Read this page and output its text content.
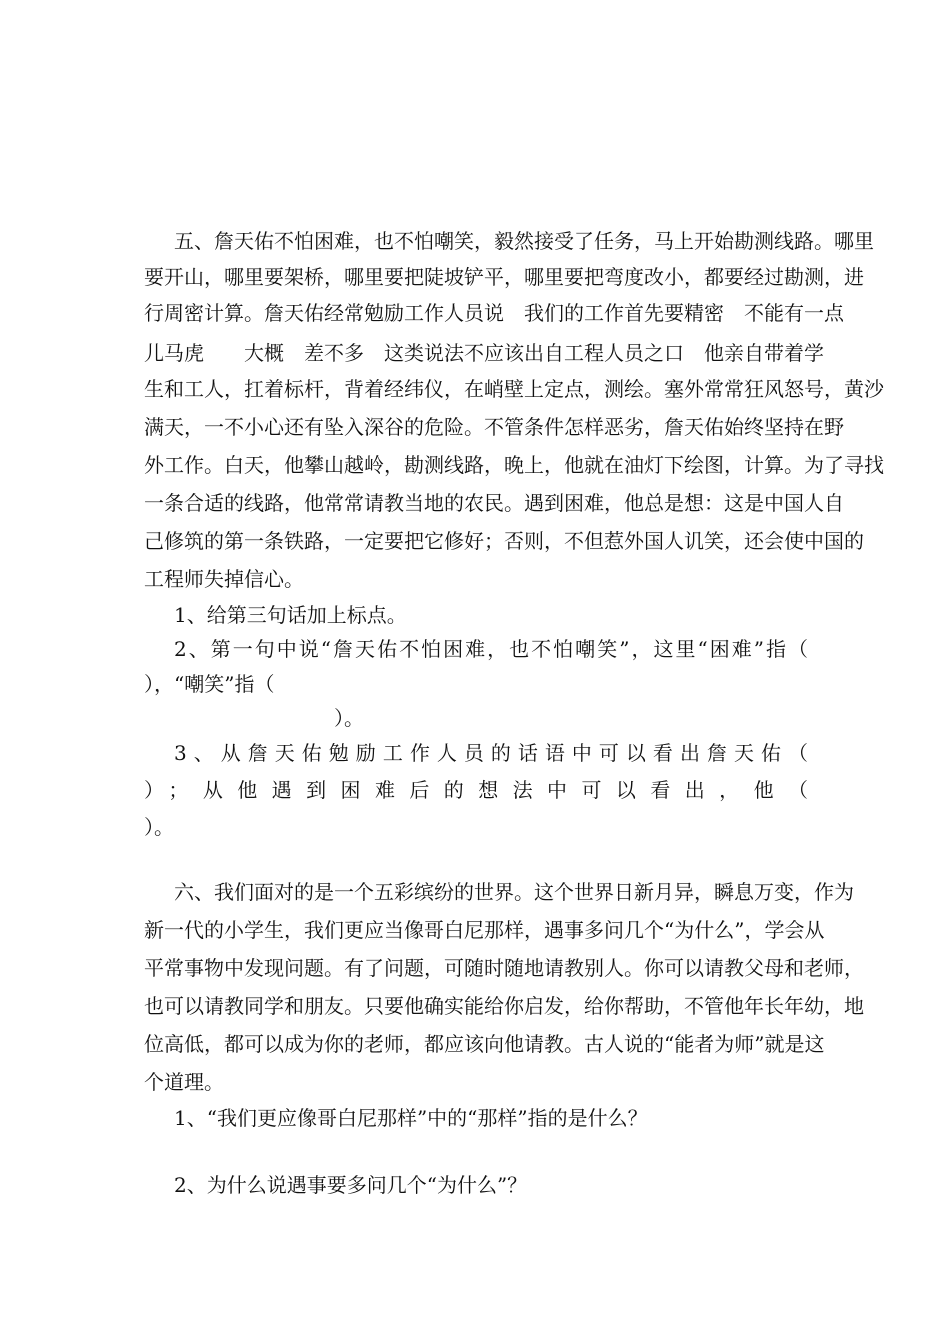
五、詹天佑不怕困难，也不怕嘲笑，毅然接受了任务，马上开始勘测线路。哪里
要开山，哪里要架桥，哪里要把陡坡铲平，哪里要把弯度改小，都要经过勘测，进
行周密计算。詹天佑经常勉励工作人员说　我们的工作首先要精密　不能有一点
儿马虎　　大概　差不多　这类说法不应该出自工程人员之口　他亲自带着学
生和工人，扛着标杆，背着经纬仪，在峭壁上定点，测绘。塞外常常狂风怒号，黄沙
满天，一不小心还有坠入深谷的危险。不管条件怎样恶劣，詹天佑始终坚持在野
外工作。白天，他攀山越岭，勘测线路，晚上，他就在油灯下绘图，计算。为了寻找
一条合适的线路，他常常请教当地的农民。遇到困难，他总是想：这是中国人自
己修筑的第一条铁路，一定要把它修好；否则，不但惹外国人讥笑，还会使中国的
工程师失掉信心。
1、给第三句话加上标点。
2、第一句中说“詹天佑不怕困难，也不怕嘲笑”，这里“困难”指（
），“嘲笑”指（
）。
3、从詹天佑勉励工作人员的话语中可以看出詹天佑（
）；从他遇到困难后的想法中可以看出，他（
）。
六、我们面对的是一个五彩缤纷的世界。这个世界日新月异，瞬息万变，作为
新一代的小学生，我们更应当像哥白尼那样，遇事多问几个“为什么”，学会从
平常事物中发现问题。有了问题，可随时随地请教别人。你可以请教父母和老师，
也可以请教同学和朋友。只要他确实能给你启发，给你帮助，不管他年长年幼，地
位高低，都可以成为你的老师，都应该向他请教。古人说的“能者为师”就是这
个道理。
1、“我们更应像哥白尼那样”中的“那样”指的是什么？
2、为什么说遇事要多问几个“为什么”？
